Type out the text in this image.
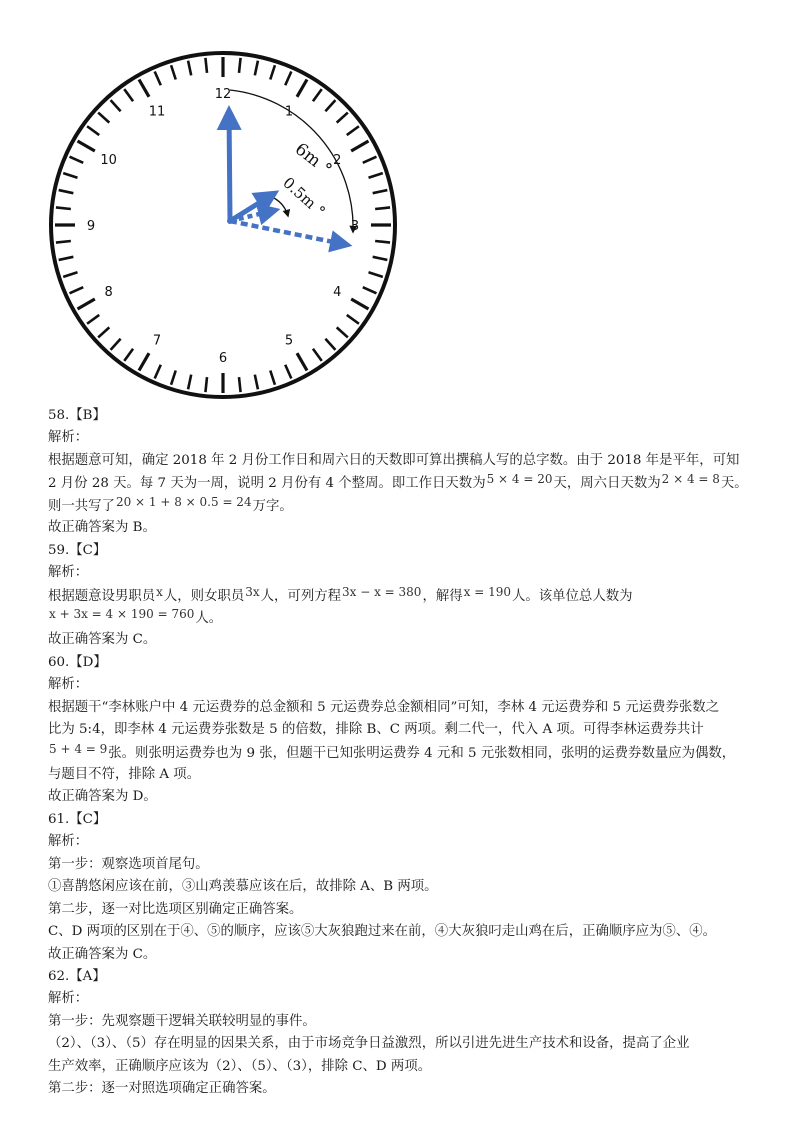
12
1
2
3
4
5
6
7
8
9
10
11
6m °
0.5m °
58.【B】
解析：
根据题意可知，确定 2018 年 2 月份工作日和周六日的天数即可算出撰稿人写的总字数。由于 2018 年是平年，可知
2 月份 28 天。每 7 天为一周，说明 2 月份有 4 个整周。即工作日天数为5 × 4 = 20天，周六日天数为2 × 4 = 8天。
则一共写了20 × 1 + 8 × 0.5 = 24万字。
故正确答案为 B。
59.【C】
解析：
根据题意设男职员x人，则女职员3x人，可列方程3x − x = 380，解得x = 190人。该单位总人数为
x + 3x = 4 × 190 = 760人。
故正确答案为 C。
60.【D】
解析：
根据题干“李林账户中 4 元运费券的总金额和 5 元运费券总金额相同”可知，李林 4 元运费券和 5 元运费券张数之
比为 5:4，即李林 4 元运费券张数是 5 的倍数，排除 B、C 两项。剩二代一，代入 A 项。可得李林运费券共计
5 + 4 = 9张。则张明运费券也为 9 张，但题干已知张明运费券 4 元和 5 元张数相同，张明的运费券数量应为偶数，
与题目不符，排除 A 项。
故正确答案为 D。
61.【C】
解析：
第一步：观察选项首尾句。
①喜鹊悠闲应该在前，③山鸡羡慕应该在后，故排除 A、B 两项。
第二步，逐一对比选项区别确定正确答案。
C、D 两项的区别在于④、⑤的顺序，应该⑤大灰狼跑过来在前，④大灰狼叼走山鸡在后，正确顺序应为⑤、④。
故正确答案为 C。
62.【A】
解析：
第一步：先观察题干逻辑关联较明显的事件。
（2）、（3）、（5）存在明显的因果关系，由于市场竞争日益激烈，所以引进先进生产技术和设备，提高了企业
生产效率，正确顺序应该为（2）、（5）、（3），排除 C、D 两项。
第二步：逐一对照选项确定正确答案。
